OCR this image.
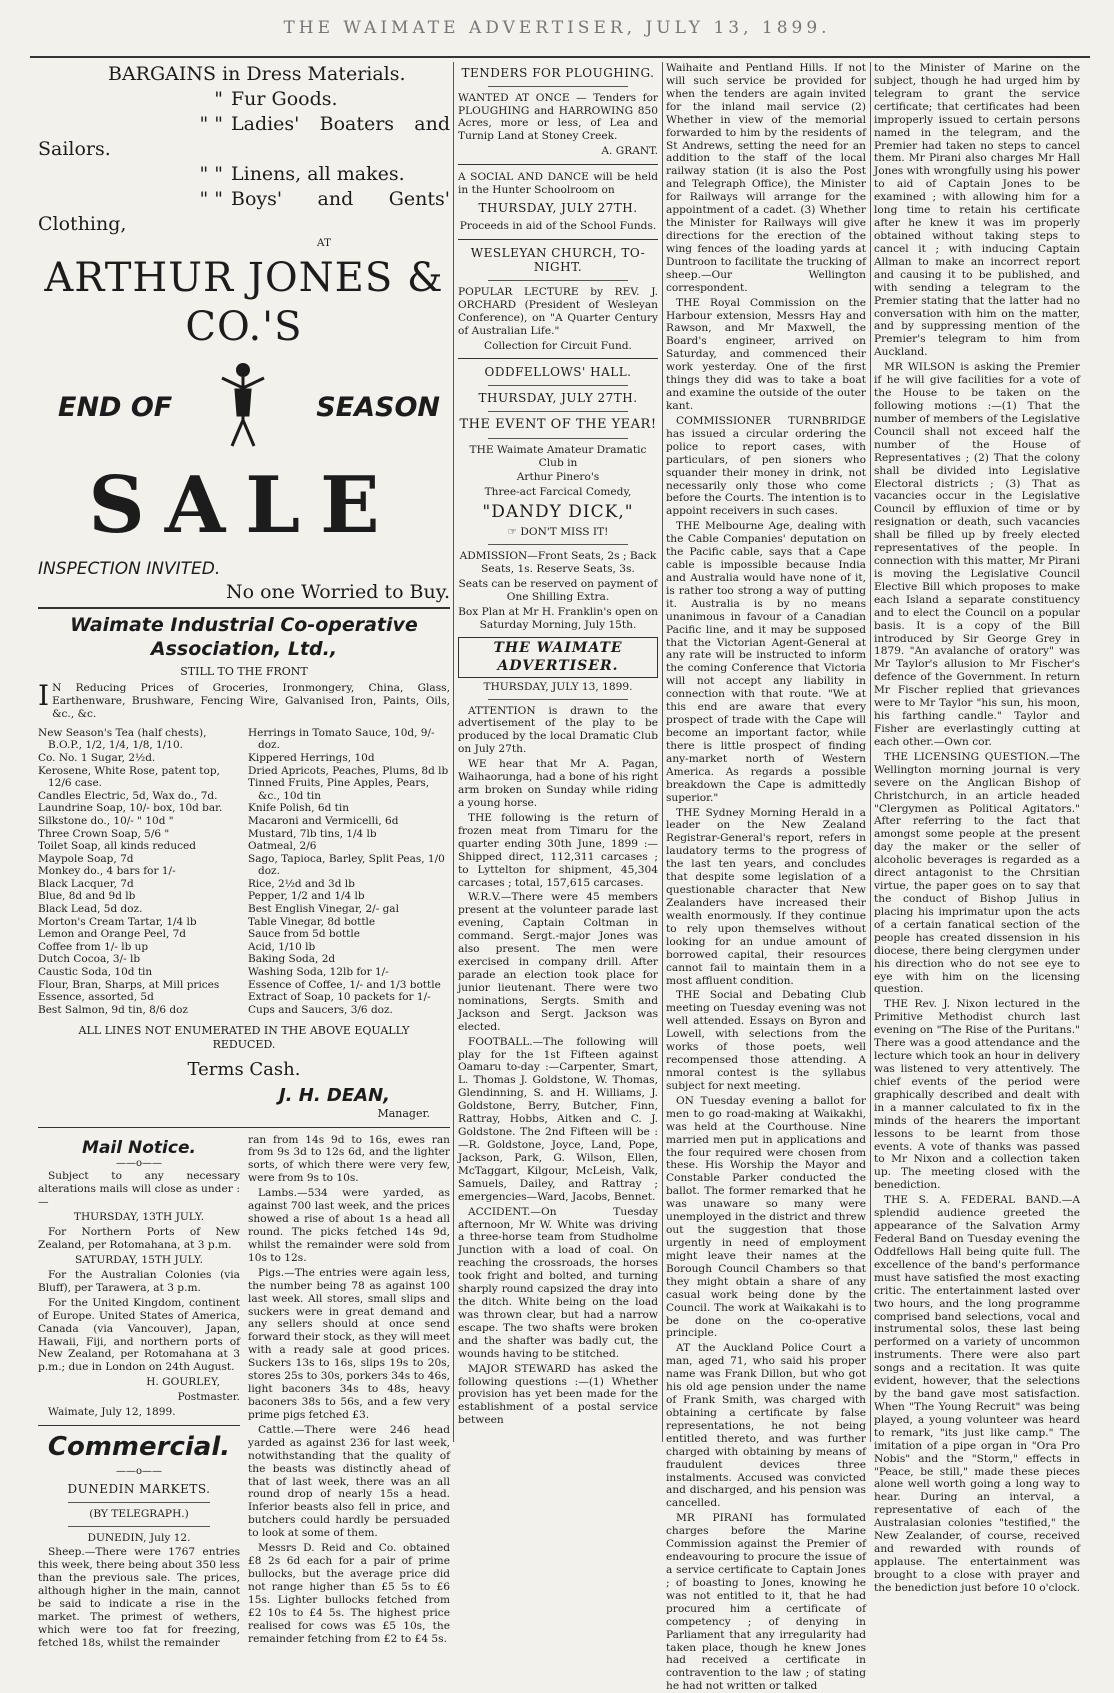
THE WAIMATE ADVERTISER, JULY 13, 1899.

BARGAINS in Dress Materials.

" Fur Goods.

" " Ladies' Boaters and Sailors.

" " Linens, all makes.

" " Boys' and Gents' Clothing,

AT

ARTHUR JONES & CO.'S
END OF	SEASON
SALE
INSPECTION INVITED.
No one Worried to Buy.
Waimate Industrial Co-operative Association, Ltd.,

STILL TO THE FRONT

I N Reducing Prices of Groceries, Ironmongery, China, Glass, Earthenware, Brushware, Fencing Wire, Galvanised Iron, Paints, Oils, &c., &c.

New Season's Tea (half chests), B.O.P., 1/2, 1/4, 1/8, 1/10.

Co. No. 1 Sugar, 2½d.

Kerosene, White Rose, patent top, 12/6 case.

Candles Electric, 5d, Wax do., 7d.

Laundrine Soap, 10/- box, 10d bar.

Silkstone do., 10/- " 10d "

Three Crown Soap, 5/6 "

Toilet Soap, all kinds reduced

Maypole Soap, 7d

Monkey do., 4 bars for 1/-

Black Lacquer, 7d

Blue, 8d and 9d lb

Black Lead, 5d doz.

Morton's Cream Tartar, 1/4 lb

Lemon and Orange Peel, 7d

Coffee from 1/- lb up

Dutch Cocoa, 3/- lb

Caustic Soda, 10d tin

Flour, Bran, Sharps, at Mill prices

Essence, assorted, 5d

Best Salmon, 9d tin, 8/6 doz

Herrings in Tomato Sauce, 10d, 9/- doz.

Kippered Herrings, 10d

Dried Apricots, Peaches, Plums, 8d lb

Tinned Fruits, Pine Apples, Pears, &c., 10d tin

Knife Polish, 6d tin

Macaroni and Vermicelli, 6d

Mustard, 7lb tins, 1/4 lb

Oatmeal, 2/6

Sago, Tapioca, Barley, Split Peas, 1/0 doz.

Rice, 2½d and 3d lb

Pepper, 1/2 and 1/4 lb

Best English Vinegar, 2/- gal

Table Vinegar, 8d bottle

Sauce from 5d bottle

Acid, 1/10 lb

Baking Soda, 2d

Washing Soda, 12lb for 1/-

Essence of Coffee, 1/- and 1/3 bottle

Extract of Soap, 10 packets for 1/-

Cups and Saucers, 3/6 doz.

ALL LINES NOT ENUMERATED IN THE ABOVE EQUALLY REDUCED.

Terms Cash.
J. H. DEAN,
Manager.
Mail Notice.

——o——

Subject to any necessary alterations mails will close as under :—

THURSDAY, 13TH JULY.

For Northern Ports of New Zealand, per Rotomahana, at 3 p.m.

SATURDAY, 15TH JULY.

For the Australian Colonies (via Bluff), per Tarawera, at 3 p.m.

For the United Kingdom, continent of Europe. United States of America, Canada (via Vancouver), Japan, Hawaii, Fiji, and northern ports of New Zealand, per Rotomahana at 3 p.m.; due in London on 24th August.

H. GOURLEY,

Postmaster.

Waimate, July 12, 1899.

Commercial.

——o——

DUNEDIN MARKETS.

(BY TELEGRAPH.)

DUNEDIN, July 12.

Sheep.—There were 1767 entries this week, there being about 350 less than the previous sale. The prices, although higher in the main, cannot be said to indicate a rise in the market. The primest of wethers, which were too fat for freezing, fetched 18s, whilst the remainder

ran from 14s 9d to 16s, ewes ran from 9s 3d to 12s 6d, and the lighter sorts, of which there were very few, were from 9s to 10s.

Lambs.—534 were yarded, as against 700 last week, and the prices showed a rise of about 1s a head all round. The picks fetched 14s 9d, whilst the remainder were sold from 10s to 12s.

Pigs.—The entries were again less, the number being 78 as against 100 last week. All stores, small slips and suckers were in great demand and any sellers should at once send forward their stock, as they will meet with a ready sale at good prices. Suckers 13s to 16s, slips 19s to 20s, stores 25s to 30s, porkers 34s to 46s, light baconers 34s to 48s, heavy baconers 38s to 56s, and a few very prime pigs fetched £3.

Cattle.—There were 246 head yarded as against 236 for last week, notwithstanding that the quality of the beasts was distinctly ahead of that of last week, there was an all round drop of nearly 15s a head. Inferior beasts also fell in price, and butchers could hardly be persuaded to look at some of them.

Messrs D. Reid and Co. obtained £8 2s 6d each for a pair of prime bullocks, but the average price did not range higher than £5 5s to £6 15s. Lighter bullocks fetched from £2 10s to £4 5s. The highest price realised for cows was £5 10s, the remainder fetching from £2 to £4 5s.

TENDERS FOR PLOUGHING.

WANTED AT ONCE — Tenders for PLOUGHING and HARROWING 850 Acres, more or less, of Lea and Turnip Land at Stoney Creek.

A. GRANT.

A SOCIAL AND DANCE will be held in the Hunter Schoolroom on

THURSDAY, JULY 27TH.

Proceeds in aid of the School Funds.

WESLEYAN CHURCH, TO-NIGHT.

POPULAR LECTURE by REV. J. ORCHARD (President of Wesleyan Conference), on "A Quarter Century of Australian Life."

Collection for Circuit Fund.

ODDFELLOWS' HALL.

THURSDAY, JULY 27TH.

THE EVENT OF THE YEAR!

THE Waimate Amateur Dramatic Club in

Arthur Pinero's

Three-act Farcical Comedy,

"DANDY DICK,"

☞ DON'T MISS IT!

ADMISSION—Front Seats, 2s ; Back Seats, 1s. Reserve Seats, 3s.

Seats can be reserved on payment of One Shilling Extra.

Box Plan at Mr H. Franklin's open on Saturday Morning, July 15th.

THE WAIMATE ADVERTISER.

THURSDAY, JULY 13, 1899.

ATTENTION is drawn to the advertisement of the play to be produced by the local Dramatic Club on July 27th.

WE hear that Mr A. Pagan, Waihaorunga, had a bone of his right arm broken on Sunday while riding a young horse.

THE following is the return of frozen meat from Timaru for the quarter ending 30th June, 1899 :—Shipped direct, 112,311 carcases ; to Lyttelton for shipment, 45,304 carcases ; total, 157,615 carcases.

W.R.V.—There were 45 members present at the volunteer parade last evening, Captain Coltman in command. Sergt.-major Jones was also present. The men were exercised in company drill. After parade an election took place for junior lieutenant. There were two nominations, Sergts. Smith and Jackson and Sergt. Jackson was elected.

FOOTBALL.—The following will play for the 1st Fifteen against Oamaru to-day :—Carpenter, Smart, L. Thomas J. Goldstone, W. Thomas, Glendinning, S. and H. Williams, J. Goldstone, Berry, Butcher, Finn, Rattray, Hobbs, Aitken and C. J. Goldstone. The 2nd Fifteen will be :—R. Goldstone, Joyce, Land, Pope, Jackson, Park, G. Wilson, Ellen, McTaggart, Kilgour, McLeish, Valk, Samuels, Dailey, and Rattray ; emergencies—Ward, Jacobs, Bennet.

ACCIDENT.—On Tuesday afternoon, Mr W. White was driving a three-horse team from Studholme Junction with a load of coal. On reaching the crossroads, the horses took fright and bolted, and turning sharply round capsized the dray into the ditch. White being on the load was thrown clear, but had a narrow escape. The two shafts were broken and the shafter was badly cut, the wounds having to be stitched.

MAJOR STEWARD has asked the following questions :—(1) Whether provision has yet been made for the establishment of a postal service between

Waihaite and Pentland Hills. If not will such service be provided for when the tenders are again invited for the inland mail service (2) Whether in view of the memorial forwarded to him by the residents of St Andrews, setting the need for an addition to the staff of the local railway station (it is also the Post and Telegraph Office), the Minister for Railways will arrange for the appointment of a cadet. (3) Whether the Minister for Railways will give directions for the erection of the wing fences of the loading yards at Duntroon to facilitate the trucking of sheep.—Our Wellington correspondent.

THE Royal Commission on the Harbour extension, Messrs Hay and Rawson, and Mr Maxwell, the Board's engineer, arrived on Saturday, and commenced their work yesterday. One of the first things they did was to take a boat and examine the outside of the outer kant.

COMMISSIONER TURNBRIDGE has issued a circular ordering the police to report cases, with particulars, of pen sioners who squander their money in drink, not necessarily only those who come before the Courts. The intention is to appoint receivers in such cases.

THE Melbourne Age, dealing with the Cable Companies' deputation on the Pacific cable, says that a Cape cable is impossible because India and Australia would have none of it, is rather too strong a way of putting it. Australia is by no means unanimous in favour of a Canadian Pacific line, and it may be supposed that the Victorian Agent-General at any rate will be instructed to inform the coming Conference that Victoria will not accept any liability in connection with that route. "We at this end are aware that every prospect of trade with the Cape will become an important factor, while there is little prospect of finding any-market north of Western America. As regards a possible breakdown the Cape is admittedly superior."

THE Sydney Morning Herald in a leader on the New Zealand Registrar-General's report, refers in laudatory terms to the progress of the last ten years, and concludes that despite some legislation of a questionable character that New Zealanders have increased their wealth enormously. If they continue to rely upon themselves without looking for an undue amount of borrowed capital, their resources cannot fail to maintain them in a most affluent condition.

THE Social and Debating Club meeting on Tuesday evening was not well attended. Essays on Byron and Lowell, with selections from the works of those poets, well recompensed those attending. A nmoral contest is the syllabus subject for next meeting.

ON Tuesday evening a ballot for men to go road-making at Waikakhi, was held at the Courthouse. Nine married men put in applications and the four required were chosen from these. His Worship the Mayor and Constable Parker conducted the ballot. The former remarked that he was unaware so many were unemployed in the district and threw out the suggestion that those urgently in need of employment might leave their names at the Borough Council Chambers so that they might obtain a share of any casual work being done by the Council. The work at Waikakahi is to be done on the co-operative principle.

AT the Auckland Police Court a man, aged 71, who said his proper name was Frank Dillon, but who got his old age pension under the name of Frank Smith, was charged with obtaining a certificate by false representations, he not being entitled thereto, and was further charged with obtaining by means of fraudulent devices three instalments. Accused was convicted and discharged, and his pension was cancelled.

MR PIRANI has formulated charges before the Marine Commission against the Premier of endeavouring to procure the issue of a service certificate to Captain Jones ; of boasting to Jones, knowing he was not entitled to it, that he had procured him a certificate of competency ; of denying in Parliament that any irregularity had taken place, though he knew Jones had received a certificate in contravention to the law ; of stating he had not written or talked

to the Minister of Marine on the subject, though he had urged him by telegram to grant the service certificate; that certificates had been improperly issued to certain persons named in the telegram, and the Premier had taken no steps to cancel them. Mr Pirani also charges Mr Hall Jones with wrongfully using his power to aid of Captain Jones to be examined ; with allowing him for a long time to retain his certificate after he knew it was im properly obtained without taking steps to cancel it ; with inducing Captain Allman to make an incorrect report and causing it to be published, and with sending a telegram to the Premier stating that the latter had no conversation with him on the matter, and by suppressing mention of the Premier's telegram to him from Auckland.

MR WILSON is asking the Premier if he will give facilities for a vote of the House to be taken on the following motions :—(1) That the number of members of the Legislative Council shall not exceed half the number of the House of Representatives ; (2) That the colony shall be divided into Legislative Electoral districts ; (3) That as vacancies occur in the Legislative Council by effluxion of time or by resignation or death, such vacancies shall be filled up by freely elected representatives of the people. In connection with this matter, Mr Pirani is moving the Legislative Council Elective Bill which proposes to make each Island a separate constituency and to elect the Council on a popular basis. It is a copy of the Bill introduced by Sir George Grey in 1879. "An avalanche of oratory" was Mr Taylor's allusion to Mr Fischer's defence of the Government. In return Mr Fischer replied that grievances were to Mr Taylor "his sun, his moon, his farthing candle." Taylor and Fisher are everlastingly cutting at each other.—Own cor.

THE LICENSING QUESTION.—The Wellington morning journal is very severe on the Anglican Bishop of Christchurch, in an article headed "Clergymen as Political Agitators." After referring to the fact that amongst some people at the present day the maker or the seller of alcoholic beverages is regarded as a direct antagonist to the Chrsitian virtue, the paper goes on to say that the conduct of Bishop Julius in placing his imprimatur upon the acts of a certain fanatical section of the people has created dissension in his diocese, there being clergymen under his direction who do not see eye to eye with him on the licensing question.

THE Rev. J. Nixon lectured in the Primitive Methodist church last evening on "The Rise of the Puritans." There was a good attendance and the lecture which took an hour in delivery was listened to very attentively. The chief events of the period were graphically described and dealt with in a manner calculated to fix in the minds of the hearers the important lessons to be learnt from those events. A vote of thanks was passed to Mr Nixon and a collection taken up. The meeting closed with the benediction.

THE S. A. FEDERAL BAND.—A splendid audience greeted the appearance of the Salvation Army Federal Band on Tuesday evening the Oddfellows Hall being quite full. The excellence of the band's performance must have satisfied the most exacting critic. The entertainment lasted over two hours, and the long programme comprised band selections, vocal and instrumental solos, these last being performed on a variety of uncommon instruments. There were also part songs and a recitation. It was quite evident, however, that the selections by the band gave most satisfaction. When "The Young Recruit" was being played, a young volunteer was heard to remark, "its just like camp." The imitation of a pipe organ in "Ora Pro Nobis" and the "Storm," effects in "Peace, be still," made these pieces alone well worth going a long way to hear. During an interval, a representative of each of the Australasian colonies "testified," the New Zealander, of course, received and rewarded with rounds of applause. The entertainment was brought to a close with prayer and the benediction just before 10 o'clock.
